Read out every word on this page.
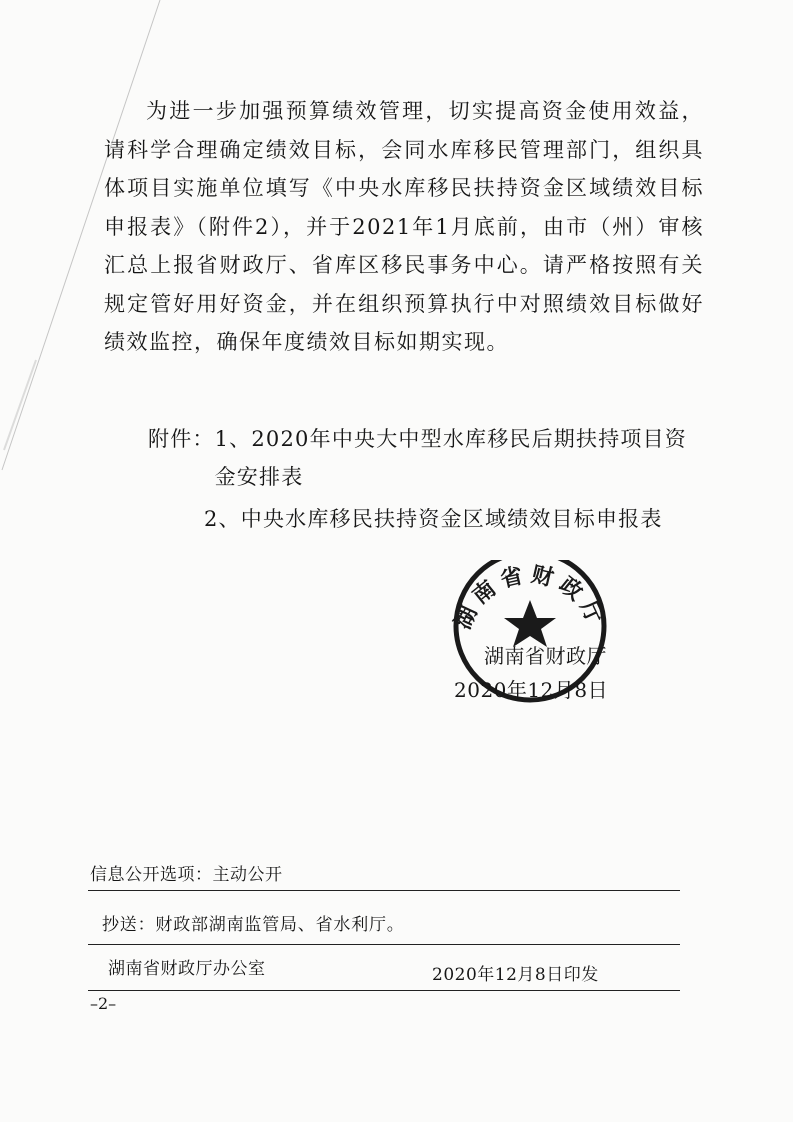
为进一步加强预算绩效管理，切实提高资金使用效益，请科学合理确定绩效目标，会同水库移民管理部门，组织具体项目实施单位填写《中央水库移民扶持资金区域绩效目标申报表》（附件2），并于2021年1月底前，由市（州）审核汇总上报省财政厅、省库区移民事务中心。请严格按照有关规定管好用好资金，并在组织预算执行中对照绩效目标做好绩效监控，确保年度绩效目标如期实现。

附件： 1、2020年中央大中型水库移民后期扶持项目资金安排表

2、中央水库移民扶持资金区域绩效目标申报表

湖南省财政厅
湖南省财政厅
2020年12月8日
信息公开选项：主动公开
抄送：财政部湖南监管局、省水利厅。
湖南省财政厅办公室	2020年12月8日印发
–2–
